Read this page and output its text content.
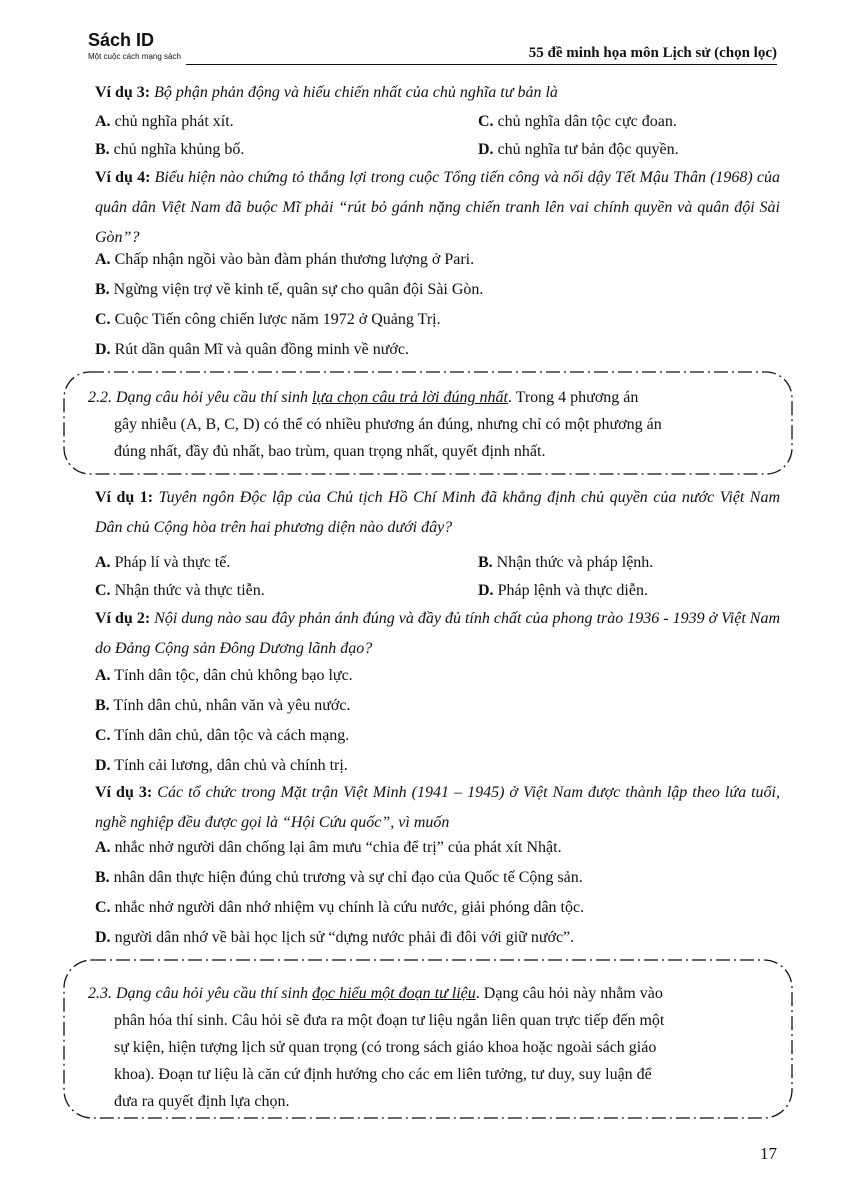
Sách ID
Một cuộc cách mạng sách	55 đề minh họa môn Lịch sử (chọn lọc)
Ví dụ 3: Bộ phận phản động và hiếu chiến nhất của chủ nghĩa tư bản là
A. chủ nghĩa phát xít.	C. chủ nghĩa dân tộc cực đoan.
B. chủ nghĩa khủng bố.	D. chủ nghĩa tư bản độc quyền.
Ví dụ 4: Biểu hiện nào chứng tỏ thắng lợi trong cuộc Tổng tiến công và nổi dậy Tết Mậu Thân (1968) của quân dân Việt Nam đã buộc Mĩ phải “rút bỏ gánh nặng chiến tranh lên vai chính quyền và quân đội Sài Gòn”?
A. Chấp nhận ngồi vào bàn đàm phán thương lượng ở Pari.
B. Ngừng viện trợ về kinh tế, quân sự cho quân đội Sài Gòn.
C. Cuộc Tiến công chiến lược năm 1972 ở Quảng Trị.
D. Rút dần quân Mĩ và quân đồng minh về nước.
2.2. Dạng câu hỏi yêu cầu thí sinh lựa chọn câu trả lời đúng nhất. Trong 4 phương án
gây nhiễu (A, B, C, D) có thể có nhiều phương án đúng, nhưng chỉ có một phương án
đúng nhất, đầy đủ nhất, bao trùm, quan trọng nhất, quyết định nhất.
Ví dụ 1: Tuyên ngôn Độc lập của Chủ tịch Hồ Chí Minh đã khẳng định chủ quyền của nước Việt Nam Dân chủ Cộng hòa trên hai phương diện nào dưới đây?
A. Pháp lí và thực tế.	B. Nhận thức và pháp lệnh.
C. Nhận thức và thực tiễn.	D. Pháp lệnh và thực diễn.
Ví dụ 2: Nội dung nào sau đây phản ánh đúng và đầy đủ tính chất của phong trào 1936 - 1939 ở Việt Nam do Đảng Cộng sản Đông Dương lãnh đạo?
A. Tính dân tộc, dân chủ không bạo lực.
B. Tính dân chủ, nhân văn và yêu nước.
C. Tính dân chủ, dân tộc và cách mạng.
D. Tính cải lương, dân chủ và chính trị.
Ví dụ 3: Các tổ chức trong Mặt trận Việt Minh (1941 – 1945) ở Việt Nam được thành lập theo lứa tuổi, nghề nghiệp đều được gọi là “Hội Cứu quốc”, vì muốn
A. nhắc nhở người dân chống lại âm mưu “chia để trị” của phát xít Nhật.
B. nhân dân thực hiện đúng chủ trương và sự chỉ đạo của Quốc tế Cộng sản.
C. nhắc nhở người dân nhớ nhiệm vụ chính là cứu nước, giải phóng dân tộc.
D. người dân nhớ về bài học lịch sử “dựng nước phải đi đôi với giữ nước”.
2.3. Dạng câu hỏi yêu cầu thí sinh đọc hiểu một đoạn tư liệu. Dạng câu hỏi này nhằm vào
phân hóa thí sinh. Câu hỏi sẽ đưa ra một đoạn tư liệu ngắn liên quan trực tiếp đến một
sự kiện, hiện tượng lịch sử quan trọng (có trong sách giáo khoa hoặc ngoài sách giáo
khoa). Đoạn tư liệu là căn cứ định hướng cho các em liên tưởng, tư duy, suy luận để
đưa ra quyết định lựa chọn.
17
